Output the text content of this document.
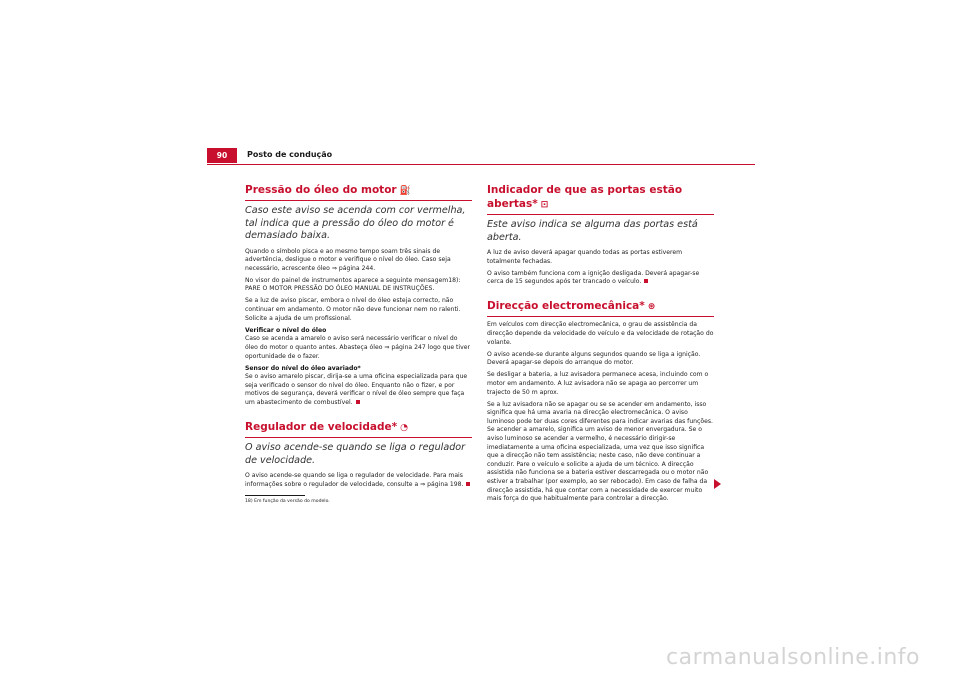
90	Posto de condução
Pressão do óleo do motor ⛽

Caso este aviso se acenda com cor vermelha, tal indica que a pressão do óleo do motor é demasiado baixa.

Quando o símbolo pisca e ao mesmo tempo soam três sinais de advertência, desligue o motor e verifique o nível do óleo. Caso seja necessário, acrescente óleo ⇒ página 244.

No visor do painel de instrumentos aparece a seguinte mensagem18): PARE O MOTOR PRESSÃO DO ÓLEO MANUAL DE INSTRUÇÕES.

Se a luz de aviso piscar, embora o nível do óleo esteja correcto, não continuar em andamento. O motor não deve funcionar nem no ralenti. Solicite a ajuda de um profissional.

Verificar o nível do óleo

Caso se acenda a amarelo o aviso será necessário verificar o nível do óleo do motor o quanto antes. Abasteça óleo ⇒ página 247 logo que tiver oportunidade de o fazer.

Sensor do nível do óleo avariado*

Se o aviso amarelo piscar, dirija-se a uma oficina especializada para que seja verificado o sensor do nível do óleo. Enquanto não o fizer, e por motivos de segurança, deverá verificar o nível de óleo sempre que faça um abastecimento de combustível.

Regulador de velocidade* ◔

O aviso acende-se quando se liga o regulador de velocidade.

O aviso acende-se quando se liga o regulador de velocidade. Para mais informações sobre o regulador de velocidade, consulte a ⇒ página 198.

18) Em função da versão do modelo.

Indicador de que as portas estão abertas* ⊡

Este aviso indica se alguma das portas está aberta.

A luz de aviso deverá apagar quando todas as portas estiverem totalmente fechadas.

O aviso também funciona com a ignição desligada. Deverá apagar-se cerca de 15 segundos após ter trancado o veículo.

Direcção electromecânica* ⊛

Em veículos com direcção electromecânica, o grau de assistência da direcção depende da velocidade do veículo e da velocidade de rotação do volante.

O aviso acende-se durante alguns segundos quando se liga a ignição. Deverá apagar-se depois do arranque do motor.

Se desligar a bateria, a luz avisadora permanece acesa, incluindo com o motor em andamento. A luz avisadora não se apaga ao percorrer um trajecto de 50 m aprox.

Se a luz avisadora não se apagar ou se se acender em andamento, isso significa que há uma avaria na direcção electromecânica. O aviso luminoso pode ter duas cores diferentes para indicar avarias das funções. Se acender a amarelo, significa um aviso de menor envergadura. Se o aviso luminoso se acender a vermelho, é necessário dirigir-se imediatamente a uma oficina especializada, uma vez que isso significa que a direcção não tem assistência; neste caso, não deve continuar a conduzir. Pare o veículo e solicite a ajuda de um técnico. A direcção assistida não funciona se a bateria estiver descarregada ou o motor não estiver a trabalhar (por exemplo, ao ser rebocado). Em caso de falha da direcção assistida, há que contar com a necessidade de exercer muito mais força do que habitualmente para controlar a direcção.

carmanualsonline.info
